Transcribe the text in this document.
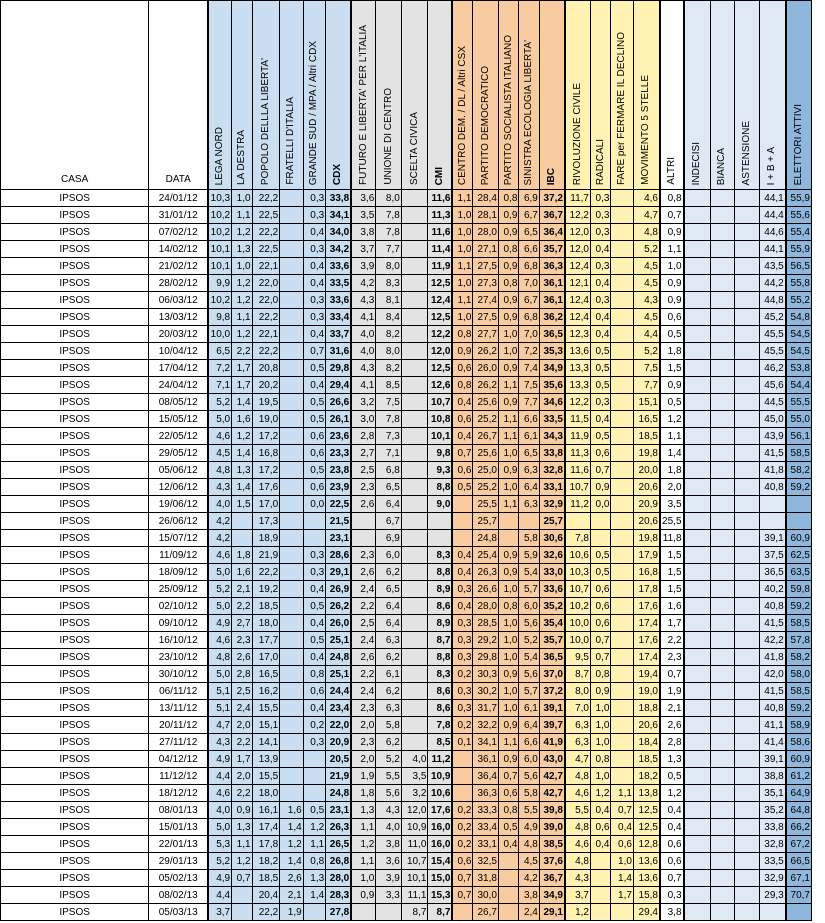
CASA	DATA	LEGA NORD	LA DESTRA	POPOLO DELLLA LIBERTA'	FRATELLI D'ITALIA	GRANDE SUD / MPA / Altri CDX	CDX	FUTURO E LIBERTA' PER L'ITALIA	UNIONE DI CENTRO	SCELTA CIVICA	CMI	CENTRO DEM. / DL / Altri CSX	PARTITO DEMOCRATICO	PARTITO SOCIALISTA ITALIANO	SINISTRA ECOLOGIA LIBERTA'	IBC	RIVOLUZIONE CIVILE	RADICALI	FARE per FERMARE IL DECLINO	MOVIMENTO 5 STELLE	ALTRI	INDECISI	BIANCA	ASTENSIONE	I + B + A	ELETTORI ATTIVI

IPSOS	24/01/12	10,3	1,0	22,2		0,3	33,8	3,6	8,0		11,6	1,1	28,4	0,8	6,9	37,2	11,7	0,3		4,6	0,8				44,1	55,9
IPSOS	31/01/12	10,2	1,1	22,5		0,3	34,1	3,5	7,8		11,3	1,0	28,1	0,9	6,7	36,7	12,2	0,3		4,7	0,7				44,4	55,6
IPSOS	07/02/12	10,2	1,2	22,2		0,4	34,0	3,8	7,8		11,6	1,0	28,0	0,9	6,5	36,4	12,0	0,3		4,8	0,9				44,6	55,4
IPSOS	14/02/12	10,1	1,3	22,5		0,3	34,2	3,7	7,7		11,4	1,0	27,1	0,8	6,6	35,7	12,0	0,4		5,2	1,1				44,1	55,9
IPSOS	21/02/12	10,1	1,0	22,1		0,4	33,6	3,9	8,0		11,9	1,1	27,5	0,9	6,8	36,3	12,4	0,3		4,5	1,0				43,5	56,5
IPSOS	28/02/12	9,9	1,2	22,0		0,4	33,5	4,2	8,3		12,5	1,0	27,3	0,8	7,0	36,1	12,1	0,4		4,5	0,9				44,2	55,8
IPSOS	06/03/12	10,2	1,2	22,0		0,3	33,6	4,3	8,1		12,4	1,1	27,4	0,9	6,7	36,1	12,4	0,3		4,3	0,9				44,8	55,2
IPSOS	13/03/12	9,8	1,1	22,2		0,3	33,4	4,1	8,4		12,5	1,0	27,5	0,9	6,8	36,2	12,4	0,4		4,5	0,6				45,2	54,8
IPSOS	20/03/12	10,0	1,2	22,1		0,4	33,7	4,0	8,2		12,2	0,8	27,7	1,0	7,0	36,5	12,3	0,4		4,4	0,5				45,5	54,5
IPSOS	10/04/12	6,5	2,2	22,2		0,7	31,6	4,0	8,0		12,0	0,9	26,2	1,0	7,2	35,3	13,6	0,5		5,2	1,8				45,5	54,5
IPSOS	17/04/12	7,2	1,7	20,8		0,5	29,8	4,3	8,2		12,5	0,6	26,0	0,9	7,4	34,9	13,3	0,5		7,5	1,5				46,2	53,8
IPSOS	24/04/12	7,1	1,7	20,2		0,4	29,4	4,1	8,5		12,6	0,8	26,2	1,1	7,5	35,6	13,3	0,5		7,7	0,9				45,6	54,4
IPSOS	08/05/12	5,2	1,4	19,5		0,5	26,6	3,2	7,5		10,7	0,4	25,6	0,9	7,7	34,6	12,2	0,3		15,1	0,5				44,5	55,5
IPSOS	15/05/12	5,0	1,6	19,0		0,5	26,1	3,0	7,8		10,8	0,6	25,2	1,1	6,6	33,5	11,5	0,4		16,5	1,2				45,0	55,0
IPSOS	22/05/12	4,6	1,2	17,2		0,6	23,6	2,8	7,3		10,1	0,4	26,7	1,1	6,1	34,3	11,9	0,5		18,5	1,1				43,9	56,1
IPSOS	29/05/12	4,5	1,4	16,8		0,6	23,3	2,7	7,1		9,8	0,7	25,6	1,0	6,5	33,8	11,3	0,6		19,8	1,4				41,5	58,5
IPSOS	05/06/12	4,8	1,3	17,2		0,5	23,8	2,5	6,8		9,3	0,6	25,0	0,9	6,3	32,8	11,6	0,7		20,0	1,8				41,8	58,2
IPSOS	12/06/12	4,3	1,4	17,6		0,6	23,9	2,3	6,5		8,8	0,5	25,2	1,0	6,4	33,1	10,7	0,9		20,6	2,0				40,8	59,2
IPSOS	19/06/12	4,0	1,5	17,0		0,0	22,5	2,6	6,4		9,0		25,5	1,1	6,3	32,9	11,2	0,0		20,9	3,5					
IPSOS	26/06/12	4,2		17,3			21,5		6,7				25,7			25,7				20,6	25,5					
IPSOS	15/07/12	4,2		18,9			23,1		6,9				24,8		5,8	30,6	7,8			19,8	11,8				39,1	60,9
IPSOS	11/09/12	4,6	1,8	21,9		0,3	28,6	2,3	6,0		8,3	0,4	25,4	0,9	5,9	32,6	10,6	0,5		17,9	1,5				37,5	62,5
IPSOS	18/09/12	5,0	1,6	22,2		0,3	29,1	2,6	6,2		8,8	0,4	26,3	0,9	5,4	33,0	10,3	0,5		16,8	1,5				36,5	63,5
IPSOS	25/09/12	5,2	2,1	19,2		0,4	26,9	2,4	6,5		8,9	0,3	26,6	1,0	5,7	33,6	10,7	0,6		17,8	1,5				40,2	59,8
IPSOS	02/10/12	5,0	2,2	18,5		0,5	26,2	2,2	6,4		8,6	0,4	28,0	0,8	6,0	35,2	10,2	0,6		17,6	1,6				40,8	59,2
IPSOS	09/10/12	4,9	2,7	18,0		0,4	26,0	2,5	6,4		8,9	0,3	28,5	1,0	5,6	35,4	10,0	0,6		17,4	1,7				41,5	58,5
IPSOS	16/10/12	4,6	2,3	17,7		0,5	25,1	2,4	6,3		8,7	0,3	29,2	1,0	5,2	35,7	10,0	0,7		17,6	2,2				42,2	57,8
IPSOS	23/10/12	4,8	2,6	17,0		0,4	24,8	2,6	6,2		8,8	0,3	29,8	1,0	5,4	36,5	9,5	0,7		17,4	2,3				41,8	58,2
IPSOS	30/10/12	5,0	2,8	16,5		0,8	25,1	2,2	6,1		8,3	0,2	30,3	0,9	5,6	37,0	8,7	0,8		19,4	0,7				42,0	58,0
IPSOS	06/11/12	5,1	2,5	16,2		0,6	24,4	2,4	6,2		8,6	0,3	30,2	1,0	5,7	37,2	8,0	0,9		19,0	1,9				41,5	58,5
IPSOS	13/11/12	5,1	2,4	15,5		0,4	23,4	2,3	6,3		8,6	0,3	31,7	1,0	6,1	39,1	7,0	1,0		18,8	2,1				40,8	59,2
IPSOS	20/11/12	4,7	2,0	15,1		0,2	22,0	2,0	5,8		7,8	0,2	32,2	0,9	6,4	39,7	6,3	1,0		20,6	2,6				41,1	58,9
IPSOS	27/11/12	4,3	2,2	14,1		0,3	20,9	2,3	6,2		8,5	0,1	34,1	1,1	6,6	41,9	6,3	1,0		18,4	2,8				41,4	58,6
IPSOS	04/12/12	4,9	1,7	13,9			20,5	2,0	5,2	4,0	11,2		36,1	0,9	6,0	43,0	4,7	0,8		18,5	1,3				39,1	60,9
IPSOS	11/12/12	4,4	2,0	15,5			21,9	1,9	5,5	3,5	10,9		36,4	0,7	5,6	42,7	4,8	1,0		18,2	0,5				38,8	61,2
IPSOS	18/12/12	4,6	2,2	18,0			24,8	1,8	5,6	3,2	10,6		36,3	0,6	5,8	42,7	4,6	1,2	1,1	13,8	1,2				35,1	64,9
IPSOS	08/01/13	4,0	0,9	16,1	1,6	0,5	23,1	1,3	4,3	12,0	17,6	0,2	33,3	0,8	5,5	39,8	5,5	0,4	0,7	12,5	0,4				35,2	64,8
IPSOS	15/01/13	5,0	1,3	17,4	1,4	1,2	26,3	1,1	4,0	10,9	16,0	0,2	33,4	0,5	4,9	39,0	4,8	0,6	0,4	12,5	0,4				33,8	66,2
IPSOS	22/01/13	5,3	1,1	17,8	1,2	1,1	26,5	1,2	3,8	11,0	16,0	0,2	33,1	0,4	4,8	38,5	4,6	0,4	0,6	12,8	0,6				32,8	67,2
IPSOS	29/01/13	5,2	1,2	18,2	1,4	0,8	26,8	1,1	3,6	10,7	15,4	0,6	32,5		4,5	37,6	4,8		1,0	13,6	0,6				33,5	66,5
IPSOS	05/02/13	4,9	0,7	18,5	2,6	1,3	28,0	1,0	3,9	10,1	15,0	0,7	31,8		4,2	36,7	4,3		1,4	13,6	0,7				32,9	67,1
IPSOS	08/02/13	4,4		20,4	2,1	1,4	28,3	0,9	3,3	11,1	15,3	0,7	30,0		3,8	34,9	3,7		1,7	15,8	0,3				29,3	70,7
IPSOS	05/03/13	3,7		22,2	1,9		27,8			8,7	8,7		26,7		2,4	29,1	1,2			29,4	3,8					
